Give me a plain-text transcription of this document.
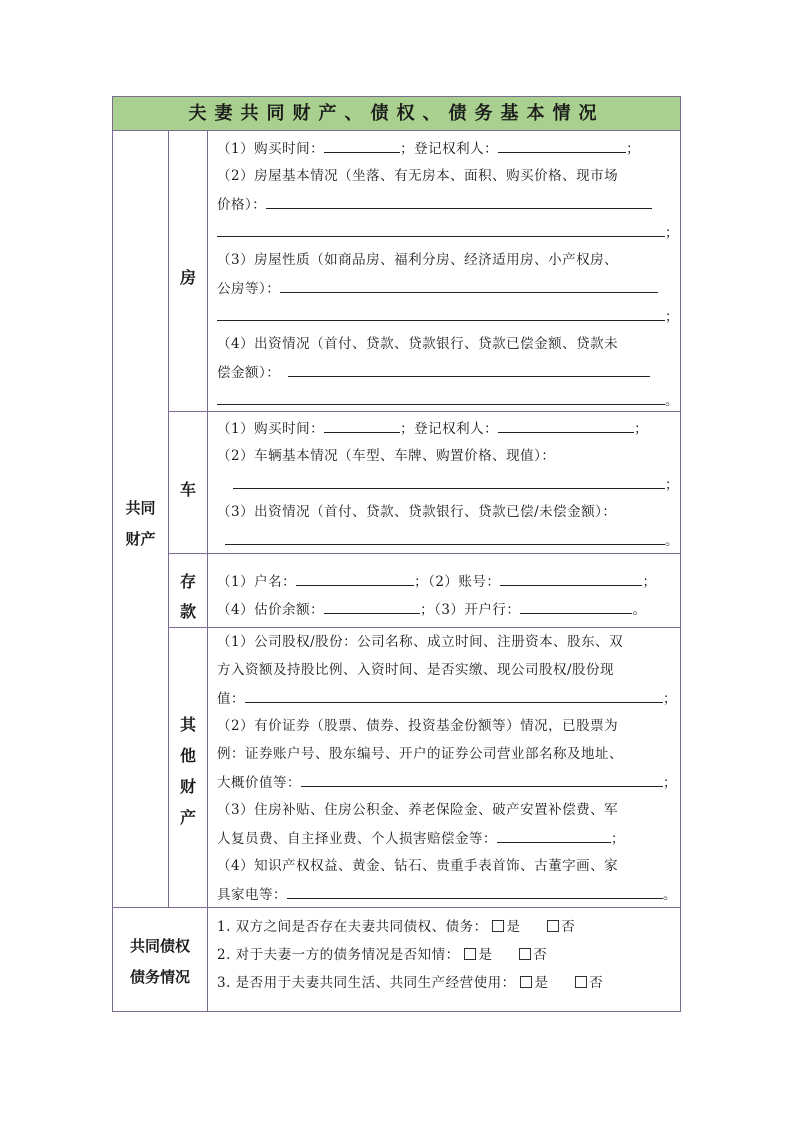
夫妻共同财产、债权、债务基本情况
共同
财产
房
（1）购买时间：	；登记权利人：	；
（2）房屋基本情况（坐落、有无房本、面积、购买价格、现市场
价格）：
；
（3）房屋性质（如商品房、福利分房、经济适用房、小产权房、
公房等）：
；
（4）出资情况（首付、贷款、贷款银行、贷款已偿金额、贷款未
偿金额）：
。
车
（1）购买时间：	；登记权利人：	；
（2）车辆基本情况（车型、车牌、购置价格、现值）：
；
（3）出资情况（首付、贷款、贷款银行、贷款已偿/未偿金额）：
。
存
款
（1）户名：	；（2）账号：	；
（4）估价余额：	；（3）开户行：	。
其
他
财
产
（1）公司股权/股份：公司名称、成立时间、注册资本、股东、双
方入资额及持股比例、入资时间、是否实缴、现公司股权/股份现
值：	；
（2）有价证券（股票、债券、投资基金份额等）情况，已股票为
例：证券账户号、股东编号、开户的证券公司营业部名称及地址、
大概价值等：	；
（3）住房补贴、住房公积金、养老保险金、破产安置补偿费、军
人复员费、自主择业费、个人损害赔偿金等：	；
（4）知识产权权益、黄金、钻石、贵重手表首饰、古董字画、家
具家电等：	。
共同债权
债务情况
1. 双方之间是否存在夫妻共同债权、债务： 是	否
2. 对于夫妻一方的债务情况是否知情： 是	否
3. 是否用于夫妻共同生活、共同生产经营使用： 是	否
